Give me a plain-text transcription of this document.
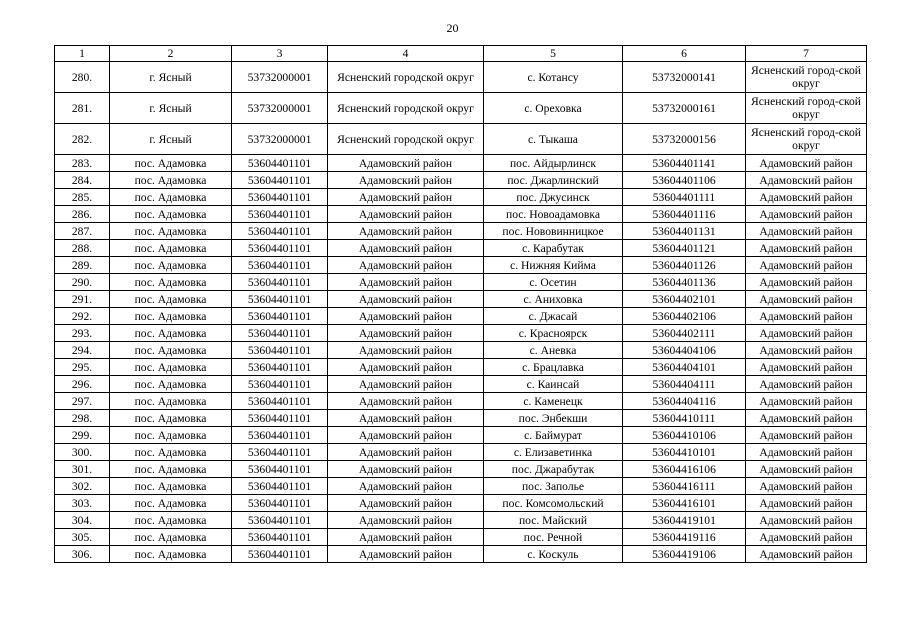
20
1	2	3	4	5	6	7
280.	г. Ясный	53732000001	Ясненский городской округ	с. Котансу	53732000141	Ясненский город-ской округ
281.	г. Ясный	53732000001	Ясненский городской округ	с. Ореховка	53732000161	Ясненский город-ской округ
282.	г. Ясный	53732000001	Ясненский городской округ	с. Тыкаша	53732000156	Ясненский город-ской округ
283.	пос. Адамовка	53604401101	Адамовский район	пос. Айдырлинск	53604401141	Адамовский район
284.	пос. Адамовка	53604401101	Адамовский район	пос. Джарлинский	53604401106	Адамовский район
285.	пос. Адамовка	53604401101	Адамовский район	пос. Джусинск	53604401111	Адамовский район
286.	пос. Адамовка	53604401101	Адамовский район	пос. Новоадамовка	53604401116	Адамовский район
287.	пос. Адамовка	53604401101	Адамовский район	пос. Нововинницкое	53604401131	Адамовский район
288.	пос. Адамовка	53604401101	Адамовский район	с. Карабутак	53604401121	Адамовский район
289.	пос. Адамовка	53604401101	Адамовский район	с. Нижняя Кийма	53604401126	Адамовский район
290.	пос. Адамовка	53604401101	Адамовский район	с. Осетин	53604401136	Адамовский район
291.	пос. Адамовка	53604401101	Адамовский район	с. Аниховка	53604402101	Адамовский район
292.	пос. Адамовка	53604401101	Адамовский район	с. Джасай	53604402106	Адамовский район
293.	пос. Адамовка	53604401101	Адамовский район	с. Красноярск	53604402111	Адамовский район
294.	пос. Адамовка	53604401101	Адамовский район	с. Аневка	53604404106	Адамовский район
295.	пос. Адамовка	53604401101	Адамовский район	с. Брацлавка	53604404101	Адамовский район
296.	пос. Адамовка	53604401101	Адамовский район	с. Каинсай	53604404111	Адамовский район
297.	пос. Адамовка	53604401101	Адамовский район	с. Каменецк	53604404116	Адамовский район
298.	пос. Адамовка	53604401101	Адамовский район	пос. Энбекши	53604410111	Адамовский район
299.	пос. Адамовка	53604401101	Адамовский район	с. Баймурат	53604410106	Адамовский район
300.	пос. Адамовка	53604401101	Адамовский район	с. Елизаветинка	53604410101	Адамовский район
301.	пос. Адамовка	53604401101	Адамовский район	пос. Джарабутак	53604416106	Адамовский район
302.	пос. Адамовка	53604401101	Адамовский район	пос. Заполье	53604416111	Адамовский район
303.	пос. Адамовка	53604401101	Адамовский район	пос. Комсомольский	53604416101	Адамовский район
304.	пос. Адамовка	53604401101	Адамовский район	пос. Майский	53604419101	Адамовский район
305.	пос. Адамовка	53604401101	Адамовский район	пос. Речной	53604419116	Адамовский район
306.	пос. Адамовка	53604401101	Адамовский район	с. Коскуль	53604419106	Адамовский район
